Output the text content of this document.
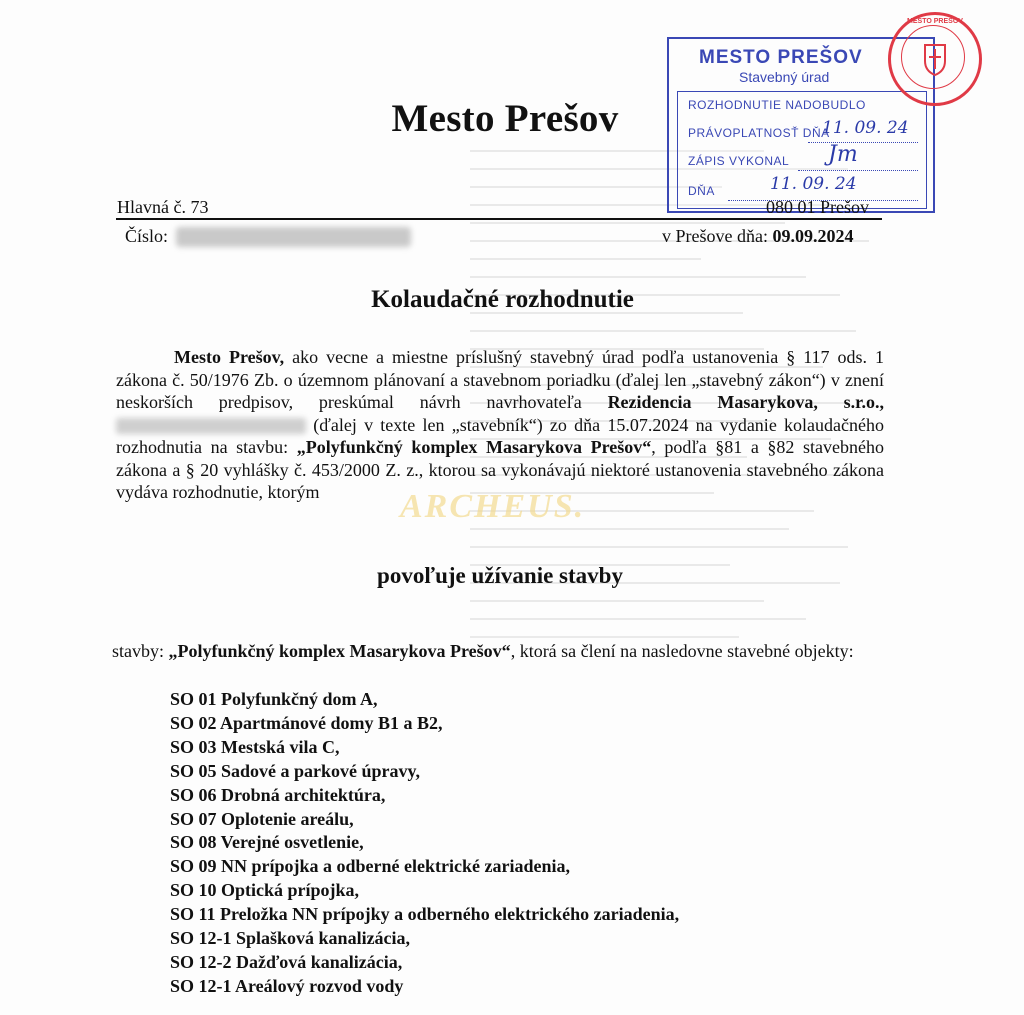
Mesto Prešov
MESTO PREŠOV
Stavebný úrad
ROZHODNUTIE NADOBUDLO
PRÁVOPLATNOSŤ DŇA
11. 09. 24
ZÁPIS VYKONAL Jm
DŇA	11. 09. 24
MESTO PREŠOV
Hlavná č. 73	080 01 Prešov
Číslo:	v Prešove dňa: 09.09.2024
Kolaudačné rozhodnutie

Mesto Prešov, ako vecne a miestne príslušný stavebný úrad podľa ustanovenia § 117 ods. 1 zákona č. 50/1976 Zb. o územnom plánovaní a stavebnom poriadku (ďalej len „stavebný zákon“) v znení neskorších predpisov, preskúmal návrh navrhovateľa Rezidencia Masarykova, s.r.o.,  (ďalej v texte len „stavebník“) zo dňa 15.07.2024 na vydanie kolaudačného rozhodnutia na stavbu: „Polyfunkčný komplex Masarykova Prešov“, podľa §81 a §82 stavebného zákona a § 20 vyhlášky č. 453/2000 Z. z., ktorou sa vykonávajú niektoré ustanovenia stavebného zákona vydáva rozhodnutie, ktorým	ARCHEUS.
povoľuje užívanie stavby
stavby: „Polyfunkčný komplex Masarykova Prešov“, ktorá sa člení na nasledovne stavebné objekty:
SO 01 Polyfunkčný dom A,
SO 02 Apartmánové domy B1 a B2,
SO 03 Mestská vila C,
SO 05 Sadové a parkové úpravy,
SO 06 Drobná architektúra,
SO 07 Oplotenie areálu,
SO 08 Verejné osvetlenie,
SO 09 NN prípojka a odberné elektrické zariadenia,
SO 10 Optická prípojka,
SO 11 Preložka NN prípojky a odberného elektrického zariadenia,
SO 12-1 Splašková kanalizácia,
SO 12-2 Dažďová kanalizácia,
SO 12-1 Areálový rozvod vody
